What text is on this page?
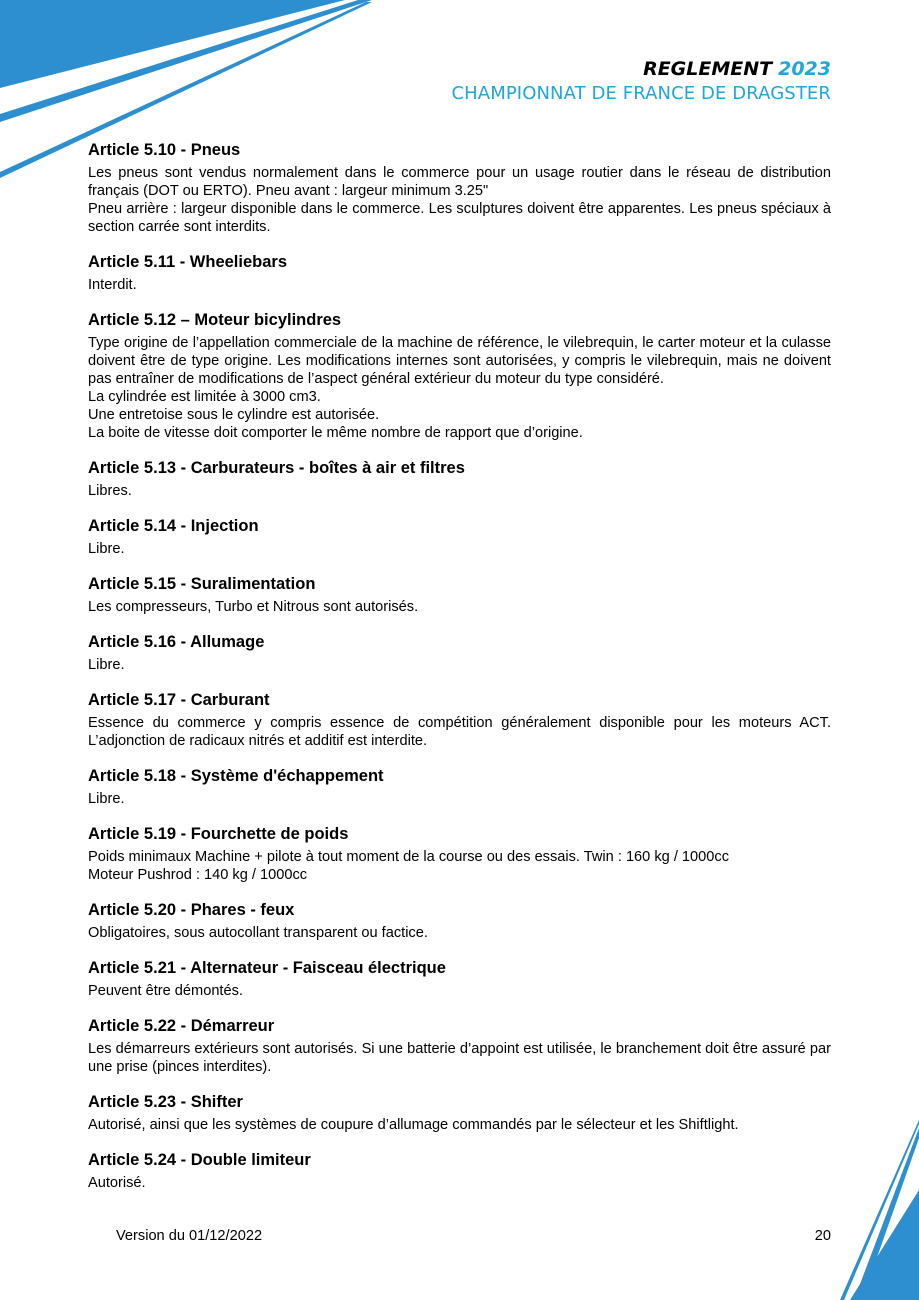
REGLEMENT 2023
CHAMPIONNAT DE FRANCE DE DRAGSTER
Article 5.10 - Pneus

Les pneus sont vendus normalement dans le commerce pour un usage routier dans le réseau de distribution français (DOT ou ERTO). Pneu avant : largeur minimum 3.25"

Pneu arrière : largeur disponible dans le commerce. Les sculptures doivent être apparentes. Les pneus spéciaux à section carrée sont interdits.

Article 5.11 - Wheeliebars

Interdit.

Article 5.12 – Moteur bicylindres

Type origine de l’appellation commerciale de la machine de référence, le vilebrequin, le carter moteur et la culasse doivent être de type origine. Les modifications internes sont autorisées, y compris le vilebrequin, mais ne doivent pas entraîner de modifications de l’aspect général extérieur du moteur du type considéré.

La cylindrée est limitée à 3000 cm3.

Une entretoise sous le cylindre est autorisée.

La boite de vitesse doit comporter le même nombre de rapport que d’origine.

Article 5.13 - Carburateurs - boîtes à air et filtres

Libres.

Article 5.14 - Injection

Libre.

Article 5.15 - Suralimentation

Les compresseurs, Turbo et Nitrous sont autorisés.

Article 5.16 - Allumage

Libre.

Article 5.17 - Carburant

Essence du commerce y compris essence de compétition généralement disponible pour les moteurs ACT. L’adjonction de radicaux nitrés et additif est interdite.

Article 5.18 - Système d'échappement

Libre.

Article 5.19 - Fourchette de poids

Poids minimaux Machine + pilote à tout moment de la course ou des essais. Twin : 160 kg / 1000cc

Moteur Pushrod : 140 kg / 1000cc

Article 5.20 - Phares - feux

Obligatoires, sous autocollant transparent ou factice.

Article 5.21 - Alternateur - Faisceau électrique

Peuvent être démontés.

Article 5.22 - Démarreur

Les démarreurs extérieurs sont autorisés. Si une batterie d’appoint est utilisée, le branchement doit être assuré par une prise (pinces interdites).

Article 5.23 - Shifter

Autorisé, ainsi que les systèmes de coupure d’allumage commandés par le sélecteur et les Shiftlight.

Article 5.24 - Double limiteur

Autorisé.

Version du 01/12/2022	20
